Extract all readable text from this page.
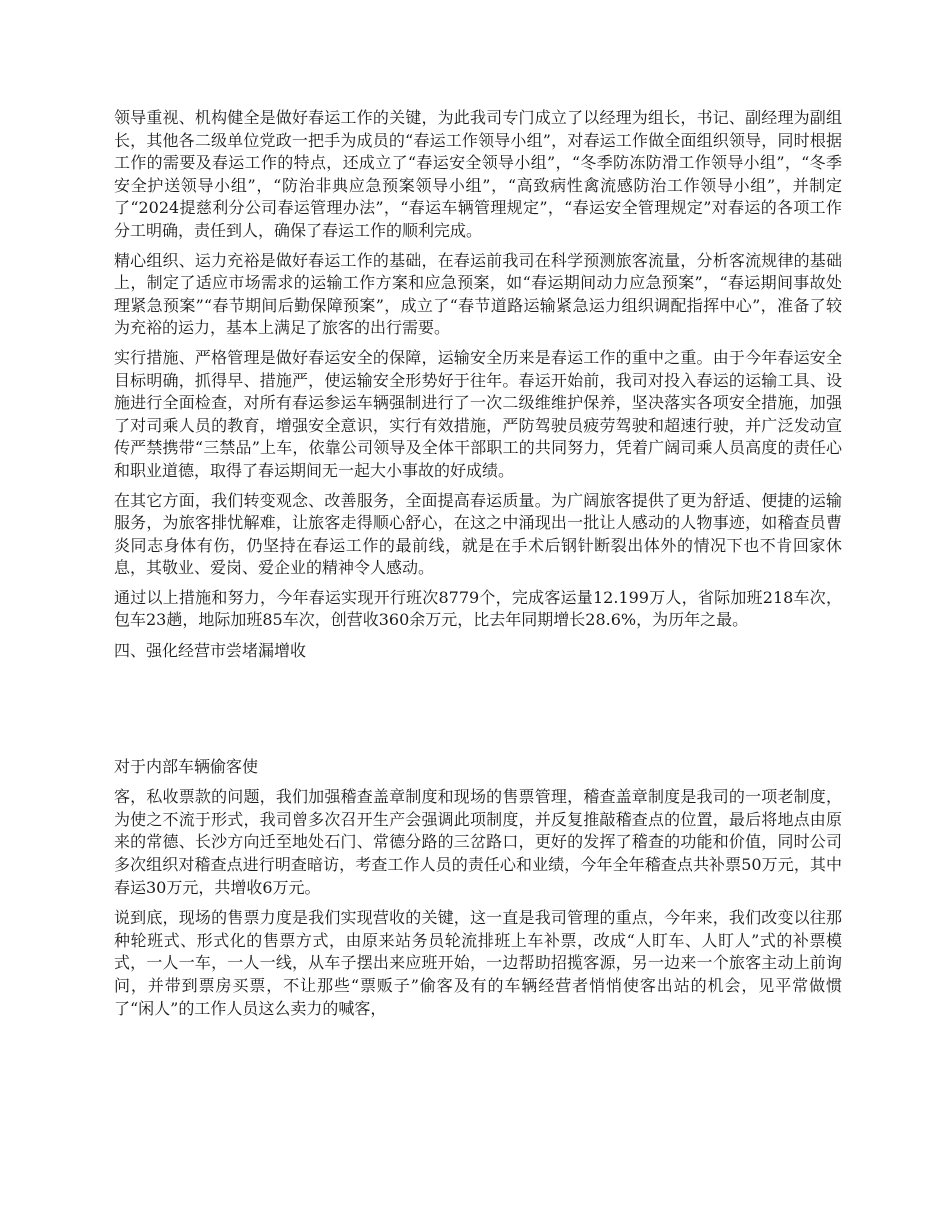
领导重视、机构健全是做好春运工作的关键，为此我司专门成立了以经理为组长，书记、副经理为副组长，其他各二级单位党政一把手为成员的“春运工作领导小组”，对春运工作做全面组织领导，同时根据工作的需要及春运工作的特点，还成立了“春运安全领导小组”，“冬季防冻防滑工作领导小组”，“冬季安全护送领导小组”，“防治非典应急预案领导小组”，“高致病性禽流感防治工作领导小组”，并制定了“2024提慈利分公司春运管理办法”，“春运车辆管理规定”，“春运安全管理规定”对春运的各项工作分工明确，责任到人，确保了春运工作的顺利完成。

精心组织、运力充裕是做好春运工作的基础，在春运前我司在科学预测旅客流量，分析客流规律的基础上，制定了适应市场需求的运输工作方案和应急预案，如“春运期间动力应急预案”，“春运期间事故处理紧急预案”“春节期间后勤保障预案”，成立了“春节道路运输紧急运力组织调配指挥中心”，准备了较为充裕的运力，基本上满足了旅客的出行需要。

实行措施、严格管理是做好春运安全的保障，运输安全历来是春运工作的重中之重。由于今年春运安全目标明确，抓得早、措施严，使运输安全形势好于往年。春运开始前，我司对投入春运的运输工具、设施进行全面检查，对所有春运参运车辆强制进行了一次二级维维护保养，坚决落实各项安全措施，加强了对司乘人员的教育，增强安全意识，实行有效措施，严防驾驶员疲劳驾驶和超速行驶，并广泛发动宣传严禁携带“三禁品”上车，依靠公司领导及全体干部职工的共同努力，凭着广阔司乘人员高度的责任心和职业道德，取得了春运期间无一起大小事故的好成绩。

在其它方面，我们转变观念、改善服务，全面提高春运质量。为广阔旅客提供了更为舒适、便捷的运输服务，为旅客排忧解难，让旅客走得顺心舒心，在这之中涌现出一批让人感动的人物事迹，如稽查员曹炎同志身体有伤，仍坚持在春运工作的最前线，就是在手术后钢针断裂出体外的情况下也不肯回家休息，其敬业、爱岗、爱企业的精神令人感动。

通过以上措施和努力，今年春运实现开行班次8779个，完成客运量12.199万人，省际加班218车次，包车23趟，地际加班85车次，创营收360余万元，比去年同期增长28.6%，为历年之最。

四、强化经营市尝堵漏增收

对于内部车辆偷客使

客，私收票款的问题，我们加强稽查盖章制度和现场的售票管理，稽查盖章制度是我司的一项老制度，为使之不流于形式，我司曾多次召开生产会强调此项制度，并反复推敲稽查点的位置，最后将地点由原来的常德、长沙方向迁至地处石门、常德分路的三岔路口，更好的发挥了稽查的功能和价值，同时公司多次组织对稽查点进行明查暗访，考查工作人员的责任心和业绩，今年全年稽查点共补票50万元，其中春运30万元，共增收6万元。

说到底，现场的售票力度是我们实现营收的关键，这一直是我司管理的重点，今年来，我们改变以往那种轮班式、形式化的售票方式，由原来站务员轮流排班上车补票，改成“人盯车、人盯人”式的补票模式，一人一车，一人一线，从车子摆出来应班开始，一边帮助招揽客源，另一边来一个旅客主动上前询问，并带到票房买票，不让那些“票贩子”偷客及有的车辆经营者悄悄使客出站的机会，见平常做惯了“闲人”的工作人员这么卖力的喊客，
